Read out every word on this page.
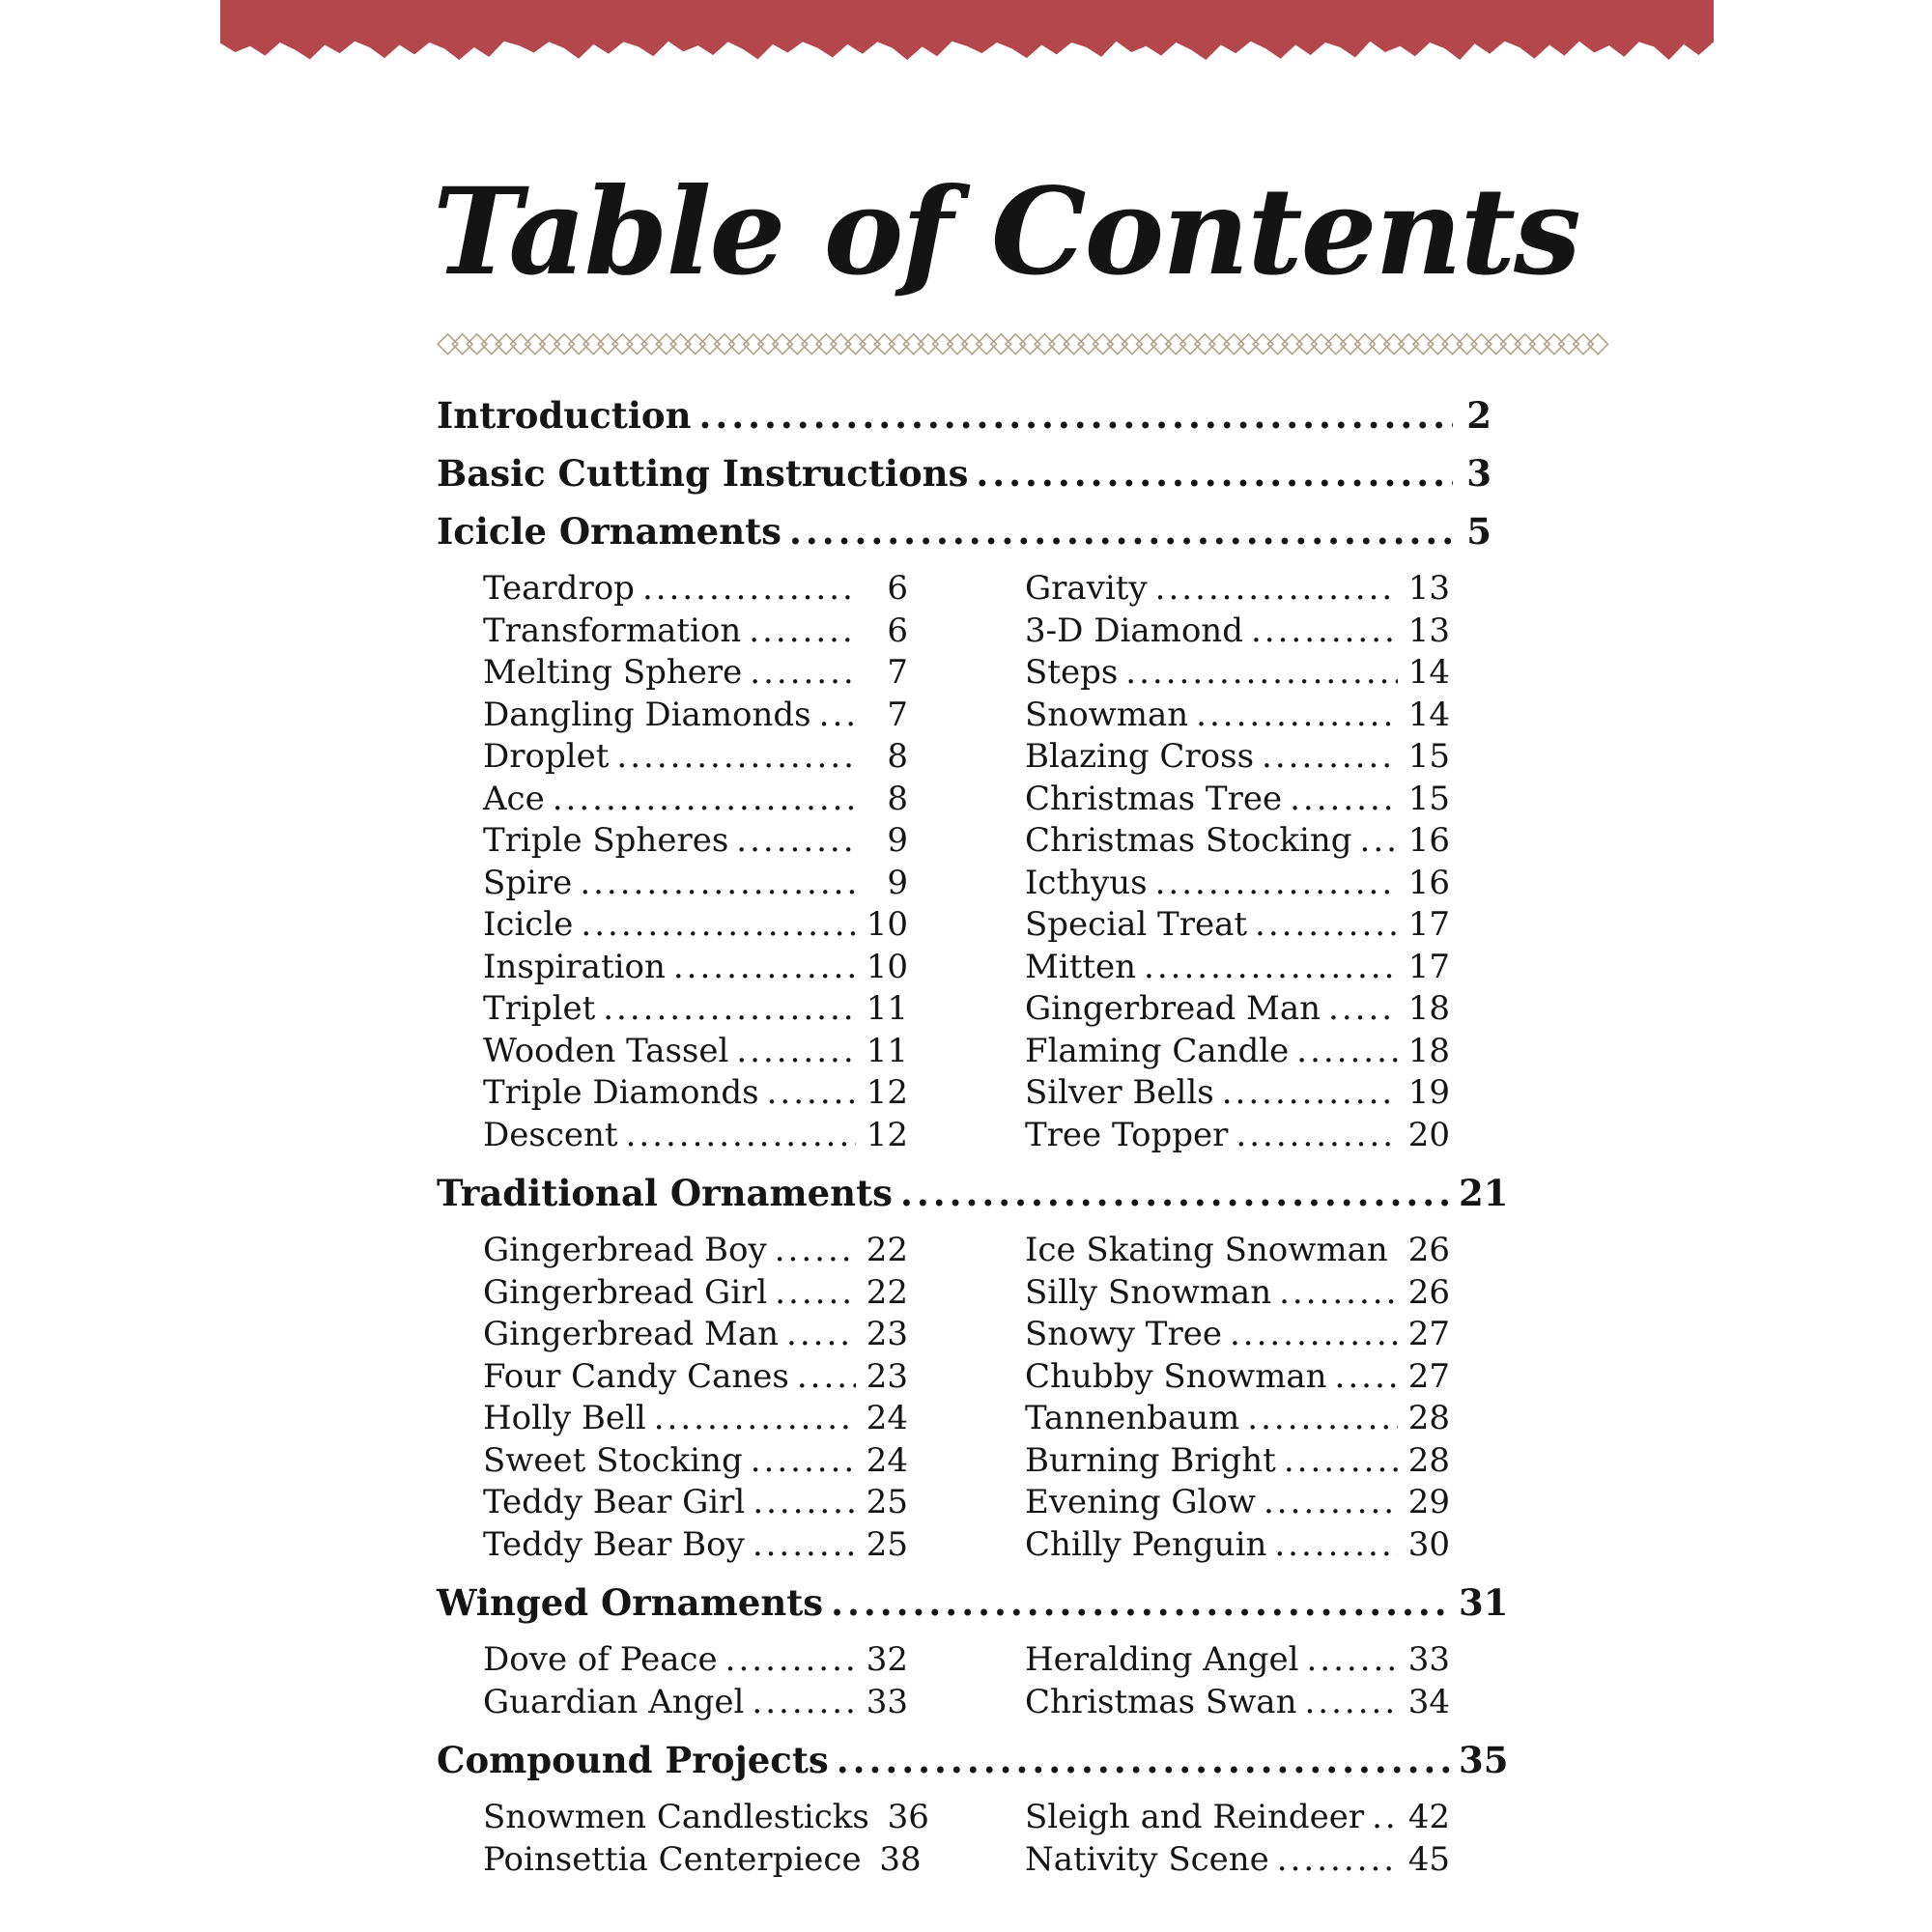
Table of Contents
◇◇◇◇◇◇◇◇◇◇◇◇◇◇◇◇◇◇◇◇◇◇◇◇◇◇◇◇◇◇◇◇◇◇◇◇◇◇◇◇◇◇◇◇◇◇◇◇◇◇◇◇◇◇◇◇◇◇◇◇◇◇◇◇◇◇◇◇◇◇◇◇◇◇◇◇◇◇◇◇
Introduction .....	2
Basic Cutting Instructions .....	3
Icicle Ornaments .....	5
Teardrop .....	6
Transformation .....	6
Melting Sphere .....	7
Dangling Diamonds .....	7
Droplet .....	8
Ace .....	8
Triple Spheres .....	9
Spire .....	9
Icicle .....	10
Inspiration .....	10
Triplet .....	11
Wooden Tassel .....	11
Triple Diamonds .....	12
Descent .....	12
Gravity .....	13
3-D Diamond .....	13
Steps .....	14
Snowman .....	14
Blazing Cross .....	15
Christmas Tree .....	15
Christmas Stocking ..... 16
Icthyus .....	16
Special Treat .....	17
Mitten .....	17
Gingerbread Man .....	18
Flaming Candle .....	18
Silver Bells .....	19
Tree Topper .....	20
Traditional Ornaments .....	21
Gingerbread Boy .....	22
Gingerbread Girl .....	22
Gingerbread Man .....	23
Four Candy Canes ..... 23
Holly Bell .....	24
Sweet Stocking .....	24
Teddy Bear Girl .....	25
Teddy Bear Boy .....	25
Ice Skating Snowman ..... 26
Silly Snowman .....	26
Snowy Tree .....	27
Chubby Snowman ..... 27
Tannenbaum .....	28
Burning Bright .....	28
Evening Glow .....	29
Chilly Penguin .....	30
Winged Ornaments .....	31
Dove of Peace .....	32
Guardian Angel .....	33
Heralding Angel .....	33
Christmas Swan .....	34
Compound Projects .....	35
Snowmen Candlesticks 36
Poinsettia Centerpiece 38
Sleigh and Reindeer ..... 42
Nativity Scene .....	45
